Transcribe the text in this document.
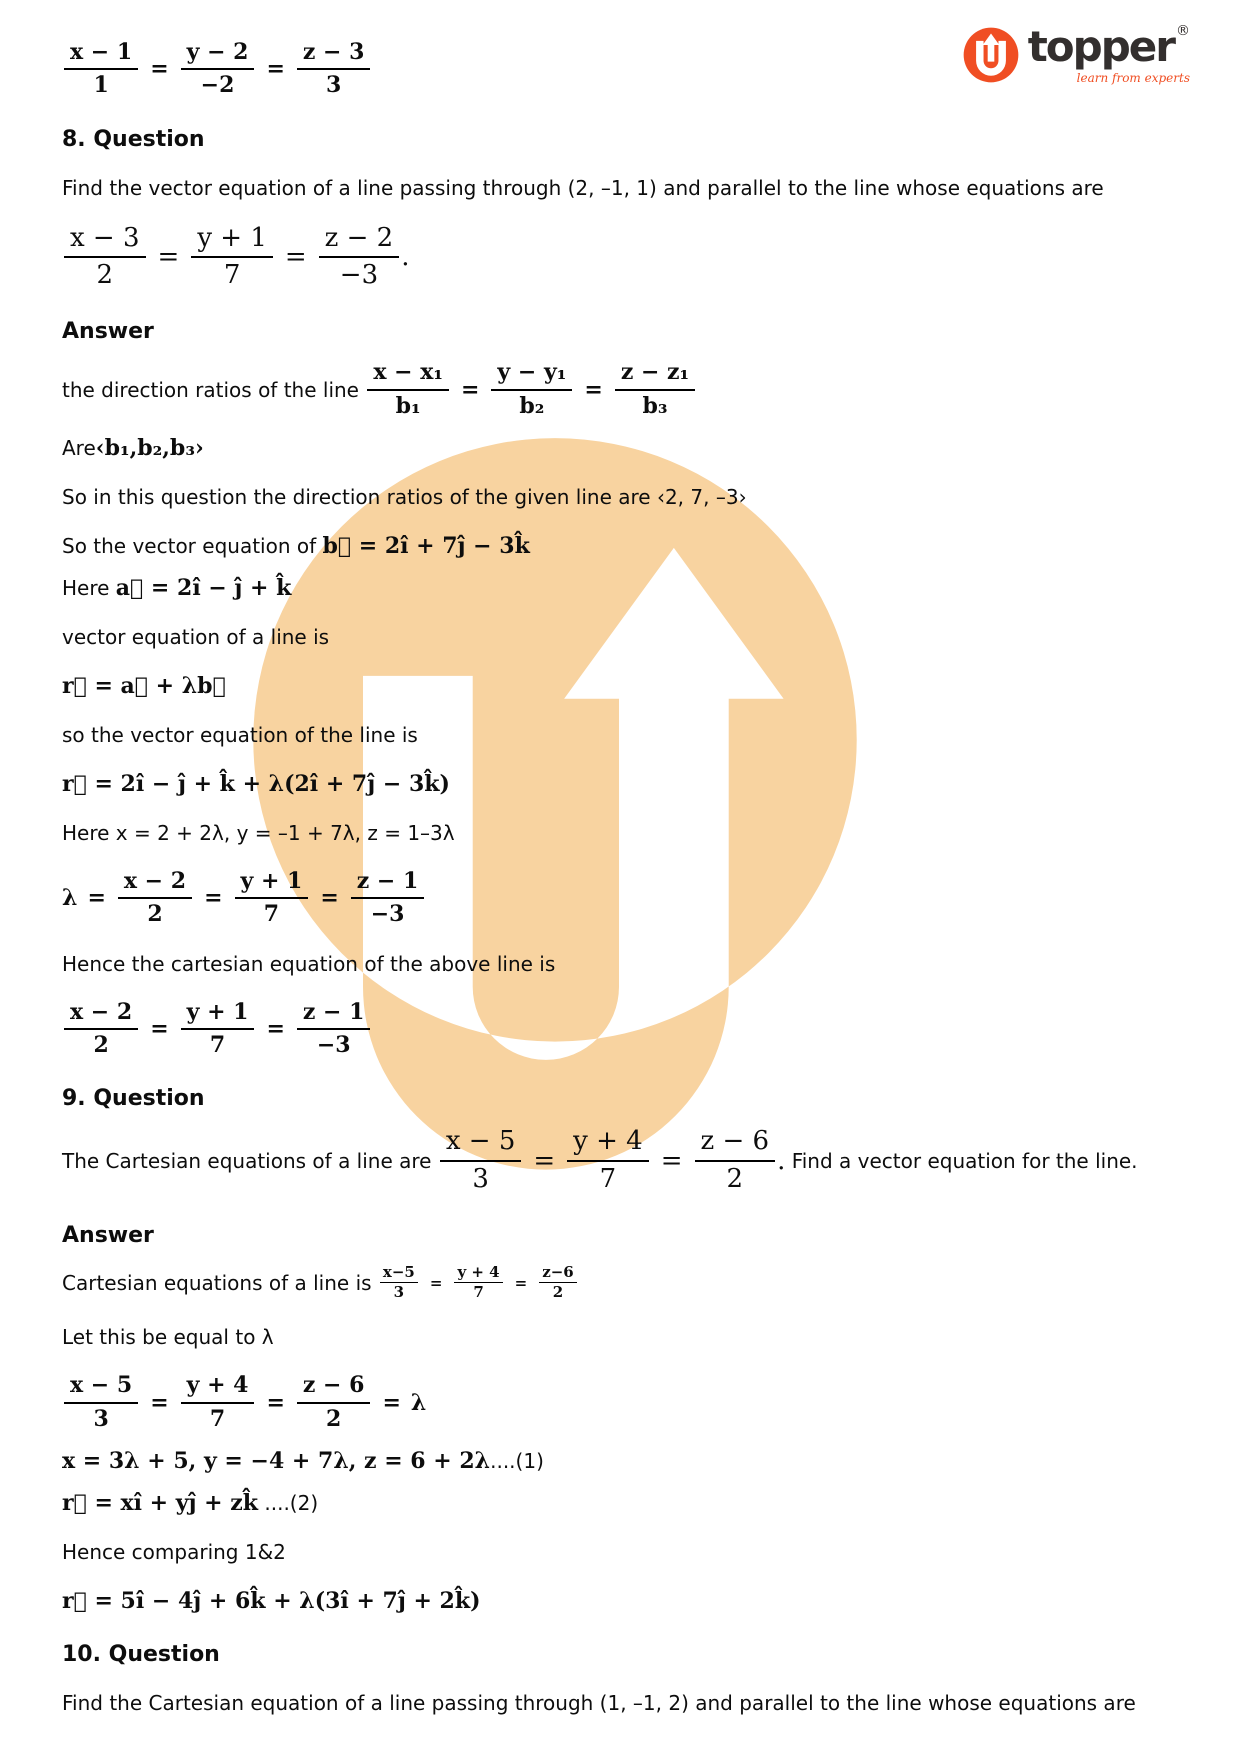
topper ®
learn from experts
$\frac{x - 1}{1} = \frac{y - 2}{-2} = \frac{z - 3}{3}$
8. Question

Find the vector equation of a line passing through (2, –1, 1) and parallel to the line whose equations are

$\frac{x - 3}{2} = \frac{y + 1}{7} = \frac{z - 2}{-3}$ .
Answer
the direction ratios of the line $\frac{\text{x − x₁}}{\text{b₁}} = \frac{\text{y − y₁}}{\text{b₂}} = \frac{\text{z − z₁}}{\text{b₃}}$
Are ‹b₁,b₂,b₃›

So in this question the direction ratios of the given line are ‹2, 7, –3›

So the vector equation of b⃗ = 2î + 7ĵ − 3k̂
Here a⃗ = 2î − ĵ + k̂

vector equation of a line is

r⃗ = a⃗ + λb⃗

so the vector equation of the line is

r⃗ = 2î − ĵ + k̂ + λ(2î + 7ĵ − 3k̂)

Here x = 2 + 2λ, y = –1 + 7λ, z = 1–3λ

$\lambda = \frac{x - 2}{2} = \frac{y + 1}{7} = \frac{z - 1}{-3}$

Hence the cartesian equation of the above line is

$\frac{x - 2}{2} = \frac{y + 1}{7} = \frac{z - 1}{-3}$
9. Question
The Cartesian equations of a line are $\frac{x - 5}{3} = \frac{y + 4}{7} = \frac{z - 6}{2}$ . Find a vector equation for the line.
Answer
Cartesian equations of a line is $\frac{x-5}{3} = \frac{y + 4}{7} = \frac{z-6}{2}$

Let this be equal to λ

$\frac{x - 5}{3} = \frac{y + 4}{7} = \frac{z - 6}{2} = \lambda$
x = 3λ + 5, y = −4 + 7λ, z = 6 + 2λ ....(1)
r⃗ = xî + yĵ + zk̂ ....(2)

Hence comparing 1&2

r⃗ = 5î − 4ĵ + 6k̂ + λ(3î + 7ĵ + 2k̂)
10. Question

Find the Cartesian equation of a line passing through (1, –1, 2) and parallel to the line whose equations are
